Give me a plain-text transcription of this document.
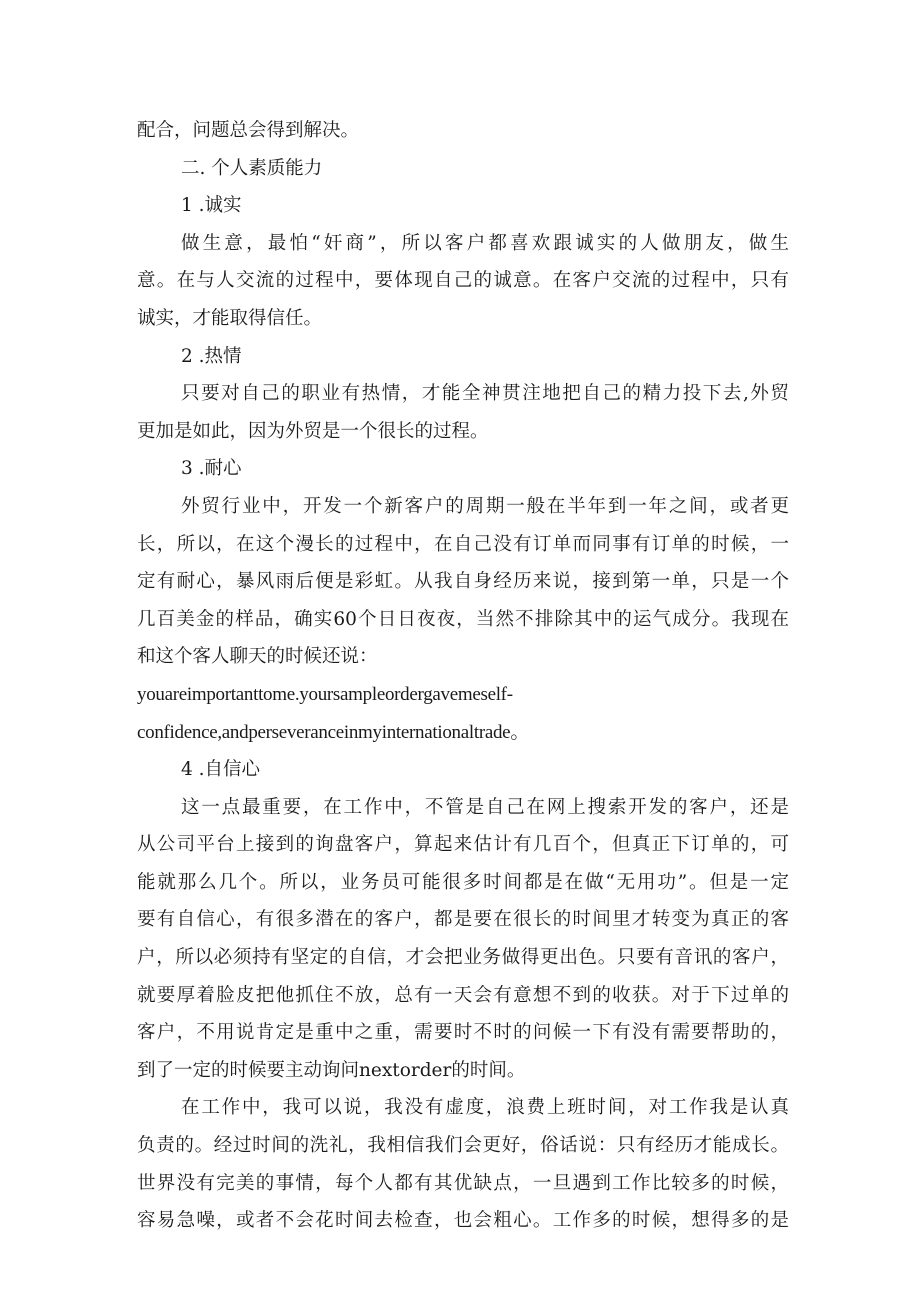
配合，问题总会得到解决。

二. 个人素质能力

1 .诚实

做生意，最怕“奸商”，所以客户都喜欢跟诚实的人做朋友，做生

意。在与人交流的过程中，要体现自己的诚意。在客户交流的过程中，只有

诚实，才能取得信任。

2 .热情

只要对自己的职业有热情，才能全神贯注地把自己的精力投下去,外贸

更加是如此，因为外贸是一个很长的过程。

3 .耐心

外贸行业中，开发一个新客户的周期一般在半年到一年之间，或者更

长，所以，在这个漫长的过程中，在自己没有订单而同事有订单的时候，一

定有耐心，暴风雨后便是彩虹。从我自身经历来说，接到第一单，只是一个

几百美金的样品，确实60个日日夜夜，当然不排除其中的运气成分。我现在

和这个客人聊天的时候还说：

youareimportanttome.yoursampleordergavemeself-

confidence,andperseveranceinmyinternationaltrade。

4 .自信心

这一点最重要，在工作中，不管是自己在网上搜索开发的客户，还是

从公司平台上接到的询盘客户，算起来估计有几百个，但真正下订单的，可

能就那么几个。所以，业务员可能很多时间都是在做“无用功”。但是一定

要有自信心，有很多潜在的客户，都是要在很长的时间里才转变为真正的客

户，所以必须持有坚定的自信，才会把业务做得更出色。只要有音讯的客户，

就要厚着脸皮把他抓住不放，总有一天会有意想不到的收获。对于下过单的

客户，不用说肯定是重中之重，需要时不时的问候一下有没有需要帮助的，

到了一定的时候要主动询问nextorder的时间。

在工作中，我可以说，我没有虚度，浪费上班时间，对工作我是认真

负责的。经过时间的洗礼，我相信我们会更好，俗话说：只有经历才能成长。

世界没有完美的事情，每个人都有其优缺点，一旦遇到工作比较多的时候，

容易急噪，或者不会花时间去检查，也会粗心。工作多的时候，想得多的是
